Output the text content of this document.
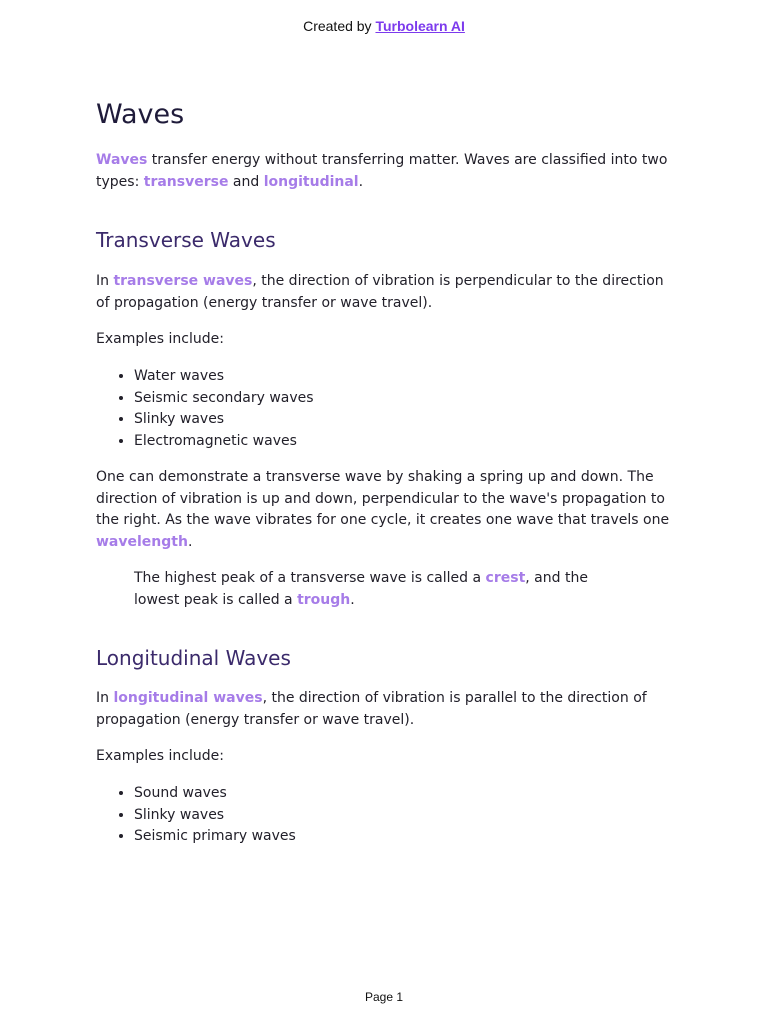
Created by Turbolearn AI
Waves

Waves transfer energy without transferring matter. Waves are classified into two types: transverse and longitudinal.

Transverse Waves

In transverse waves, the direction of vibration is perpendicular to the direction of propagation (energy transfer or wave travel).

Examples include:

• Water waves
• Seismic secondary waves
• Slinky waves
• Electromagnetic waves

One can demonstrate a transverse wave by shaking a spring up and down. The direction of vibration is up and down, perpendicular to the wave's propagation to the right. As the wave vibrates for one cycle, it creates one wave that travels one wavelength.

The highest peak of a transverse wave is called a crest, and the lowest peak is called a trough.
Longitudinal Waves

In longitudinal waves, the direction of vibration is parallel to the direction of propagation (energy transfer or wave travel).

Examples include:

• Sound waves
• Slinky waves
• Seismic primary waves
Page 1
